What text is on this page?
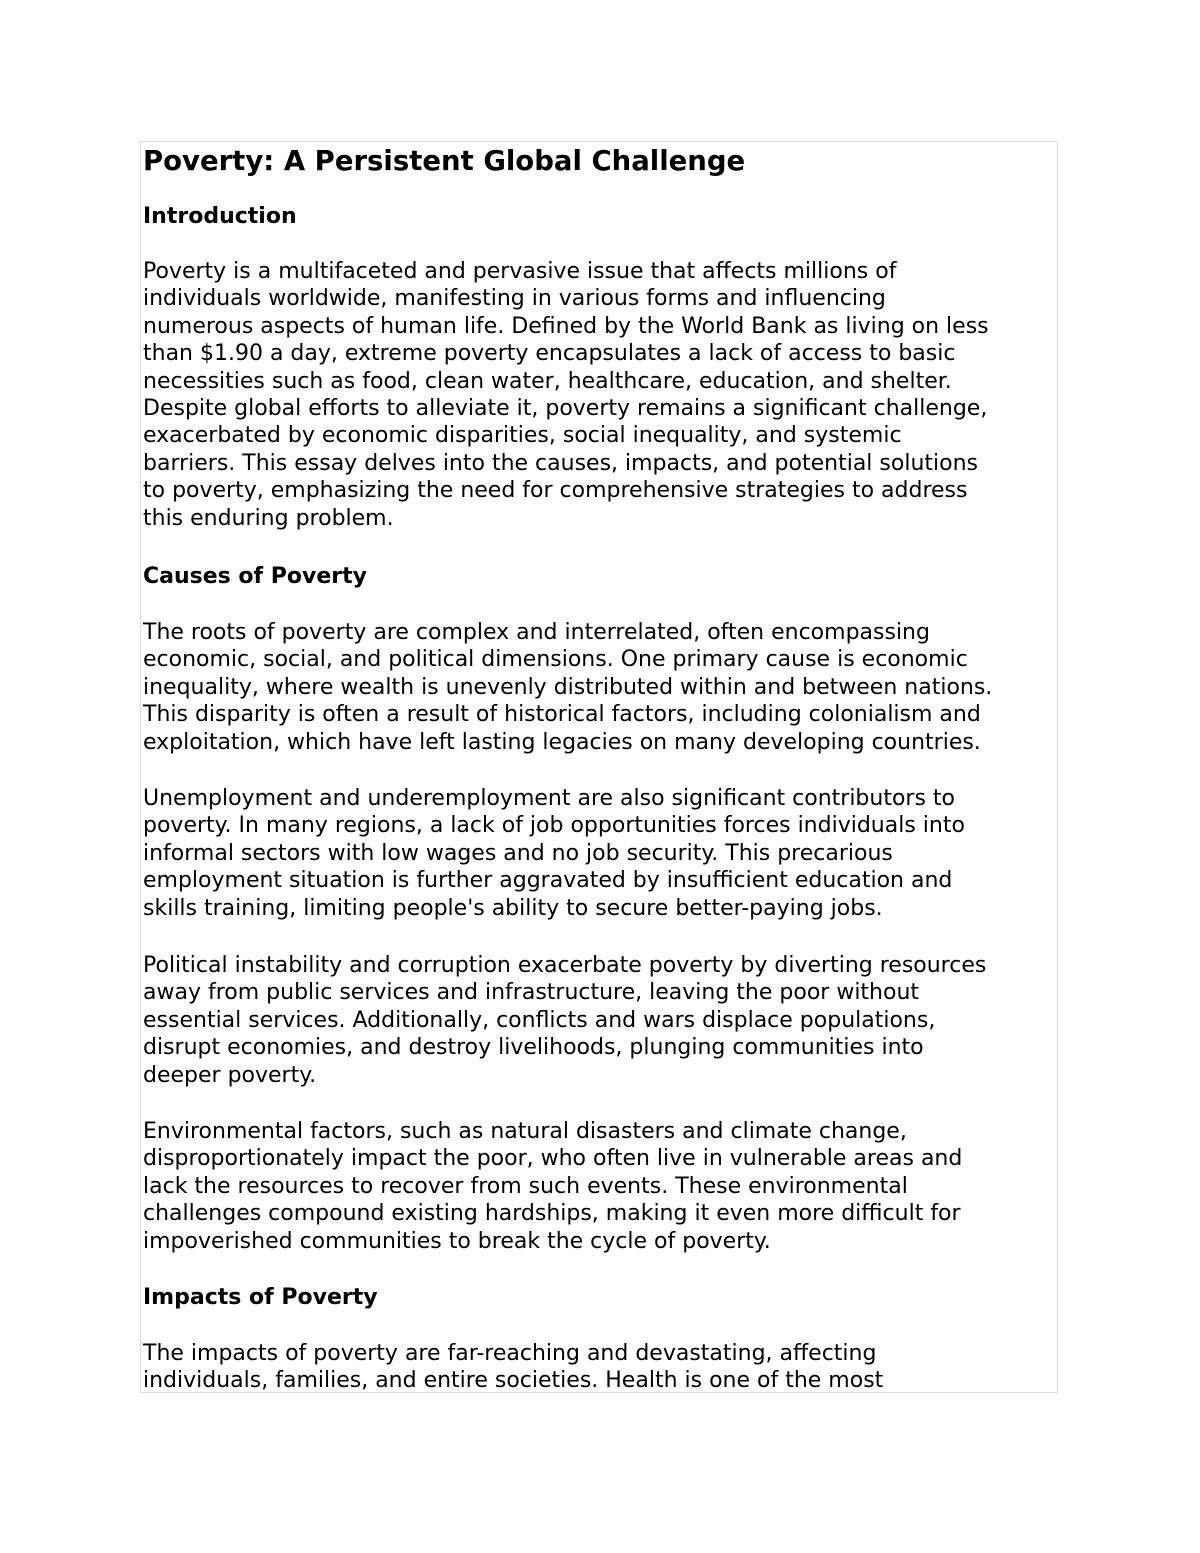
Poverty: A Persistent Global Challenge
Introduction

Poverty is a multifaceted and pervasive issue that affects millions of
individuals worldwide, manifesting in various forms and influencing
numerous aspects of human life. Defined by the World Bank as living on less
than $1.90 a day, extreme poverty encapsulates a lack of access to basic
necessities such as food, clean water, healthcare, education, and shelter.
Despite global efforts to alleviate it, poverty remains a significant challenge,
exacerbated by economic disparities, social inequality, and systemic
barriers. This essay delves into the causes, impacts, and potential solutions
to poverty, emphasizing the need for comprehensive strategies to address
this enduring problem.

Causes of Poverty

The roots of poverty are complex and interrelated, often encompassing
economic, social, and political dimensions. One primary cause is economic
inequality, where wealth is unevenly distributed within and between nations.
This disparity is often a result of historical factors, including colonialism and
exploitation, which have left lasting legacies on many developing countries.

Unemployment and underemployment are also significant contributors to
poverty. In many regions, a lack of job opportunities forces individuals into
informal sectors with low wages and no job security. This precarious
employment situation is further aggravated by insufficient education and
skills training, limiting people's ability to secure better-paying jobs.

Political instability and corruption exacerbate poverty by diverting resources
away from public services and infrastructure, leaving the poor without
essential services. Additionally, conflicts and wars displace populations,
disrupt economies, and destroy livelihoods, plunging communities into
deeper poverty.

Environmental factors, such as natural disasters and climate change,
disproportionately impact the poor, who often live in vulnerable areas and
lack the resources to recover from such events. These environmental
challenges compound existing hardships, making it even more difficult for
impoverished communities to break the cycle of poverty.

Impacts of Poverty

The impacts of poverty are far-reaching and devastating, affecting
individuals, families, and entire societies. Health is one of the most
